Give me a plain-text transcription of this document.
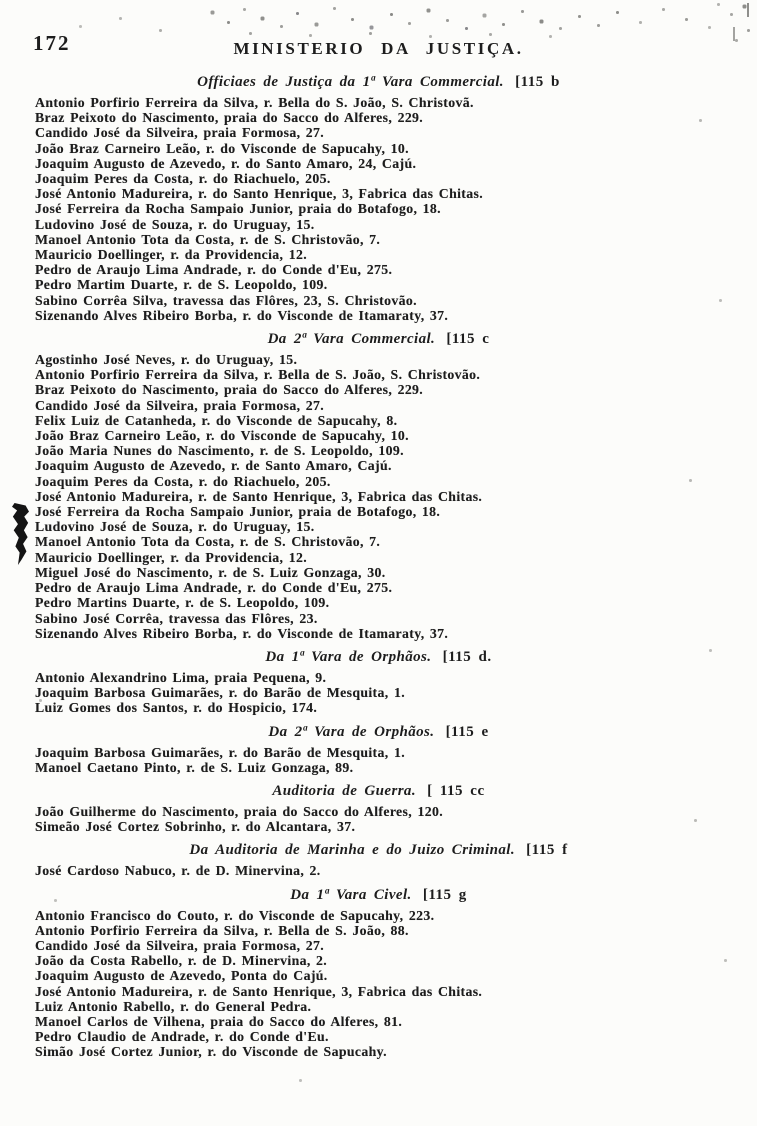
172	MINISTERIO DA JUSTIÇA.
Officiaes de Justiça da 1ª Vara Commercial. [115 b
Antonio Porfirio Ferreira da Silva, r. Bella do S. João, S. Christovã.
Braz Peixoto do Nascimento, praia do Sacco do Alferes, 229.
Candido José da Silveira, praia Formosa, 27.
João Braz Carneiro Leão, r. do Visconde de Sapucahy, 10.
Joaquim Augusto de Azevedo, r. do Santo Amaro, 24, Cajú.
Joaquim Peres da Costa, r. do Riachuelo, 205.
José Antonio Madureira, r. do Santo Henrique, 3, Fabrica das Chitas.
José Ferreira da Rocha Sampaio Junior, praia do Botafogo, 18.
Ludovino José de Souza, r. do Uruguay, 15.
Manoel Antonio Tota da Costa, r. de S. Christovão, 7.
Mauricio Doellinger, r. da Providencia, 12.
Pedro de Araujo Lima Andrade, r. do Conde d'Eu, 275.
Pedro Martim Duarte, r. de S. Leopoldo, 109.
Sabino Corrêa Silva, travessa das Flôres, 23, S. Christovão.
Sizenando Alves Ribeiro Borba, r. do Visconde de Itamaraty, 37.
Da 2ª Vara Commercial. [115 c
Agostinho José Neves, r. do Uruguay, 15.
Antonio Porfirio Ferreira da Silva, r. Bella de S. João, S. Christovão.
Braz Peixoto do Nascimento, praia do Sacco do Alferes, 229.
Candido José da Silveira, praia Formosa, 27.
Felix Luiz de Catanheda, r. do Visconde de Sapucahy, 8.
João Braz Carneiro Leão, r. do Visconde de Sapucahy, 10.
João Maria Nunes do Nascimento, r. de S. Leopoldo, 109.
Joaquim Augusto de Azevedo, r. de Santo Amaro, Cajú.
Joaquim Peres da Costa, r. do Riachuelo, 205.
José Antonio Madureira, r. de Santo Henrique, 3, Fabrica das Chitas.
José Ferreira da Rocha Sampaio Junior, praia de Botafogo, 18.
Ludovino José de Souza, r. do Uruguay, 15.
Manoel Antonio Tota da Costa, r. de S. Christovão, 7.
Mauricio Doellinger, r. da Providencia, 12.
Miguel José do Nascimento, r. de S. Luiz Gonzaga, 30.
Pedro de Araujo Lima Andrade, r. do Conde d'Eu, 275.
Pedro Martins Duarte, r. de S. Leopoldo, 109.
Sabino José Corrêa, travessa das Flôres, 23.
Sizenando Alves Ribeiro Borba, r. do Visconde de Itamaraty, 37.
Da 1ª Vara de Orphãos. [115 d.
Antonio Alexandrino Lima, praia Pequena, 9.
Joaquim Barbosa Guimarães, r. do Barão de Mesquita, 1.
Luiz Gomes dos Santos, r. do Hospicio, 174.
Da 2ª Vara de Orphãos. [115 e
Joaquim Barbosa Guimarães, r. do Barão de Mesquita, 1.
Manoel Caetano Pinto, r. de S. Luiz Gonzaga, 89.
Auditoria de Guerra. [ 115 cc
João Guilherme do Nascimento, praia do Sacco do Alferes, 120.
Simeão José Cortez Sobrinho, r. do Alcantara, 37.
Da Auditoria de Marinha e do Juizo Criminal. [115 f
José Cardoso Nabuco, r. de D. Minervina, 2.
Da 1ª Vara Civel. [115 g
Antonio Francisco do Couto, r. do Visconde de Sapucahy, 223.
Antonio Porfirio Ferreira da Silva, r. Bella de S. João, 88.
Candido José da Silveira, praia Formosa, 27.
João da Costa Rabello, r. de D. Minervina, 2.
Joaquim Augusto de Azevedo, Ponta do Cajú.
José Antonio Madureira, r. de Santo Henrique, 3, Fabrica das Chitas.
Luiz Antonio Rabello, r. do General Pedra.
Manoel Carlos de Vilhena, praia do Sacco do Alferes, 81.
Pedro Claudio de Andrade, r. do Conde d'Eu.
Simão José Cortez Junior, r. do Visconde de Sapucahy.
